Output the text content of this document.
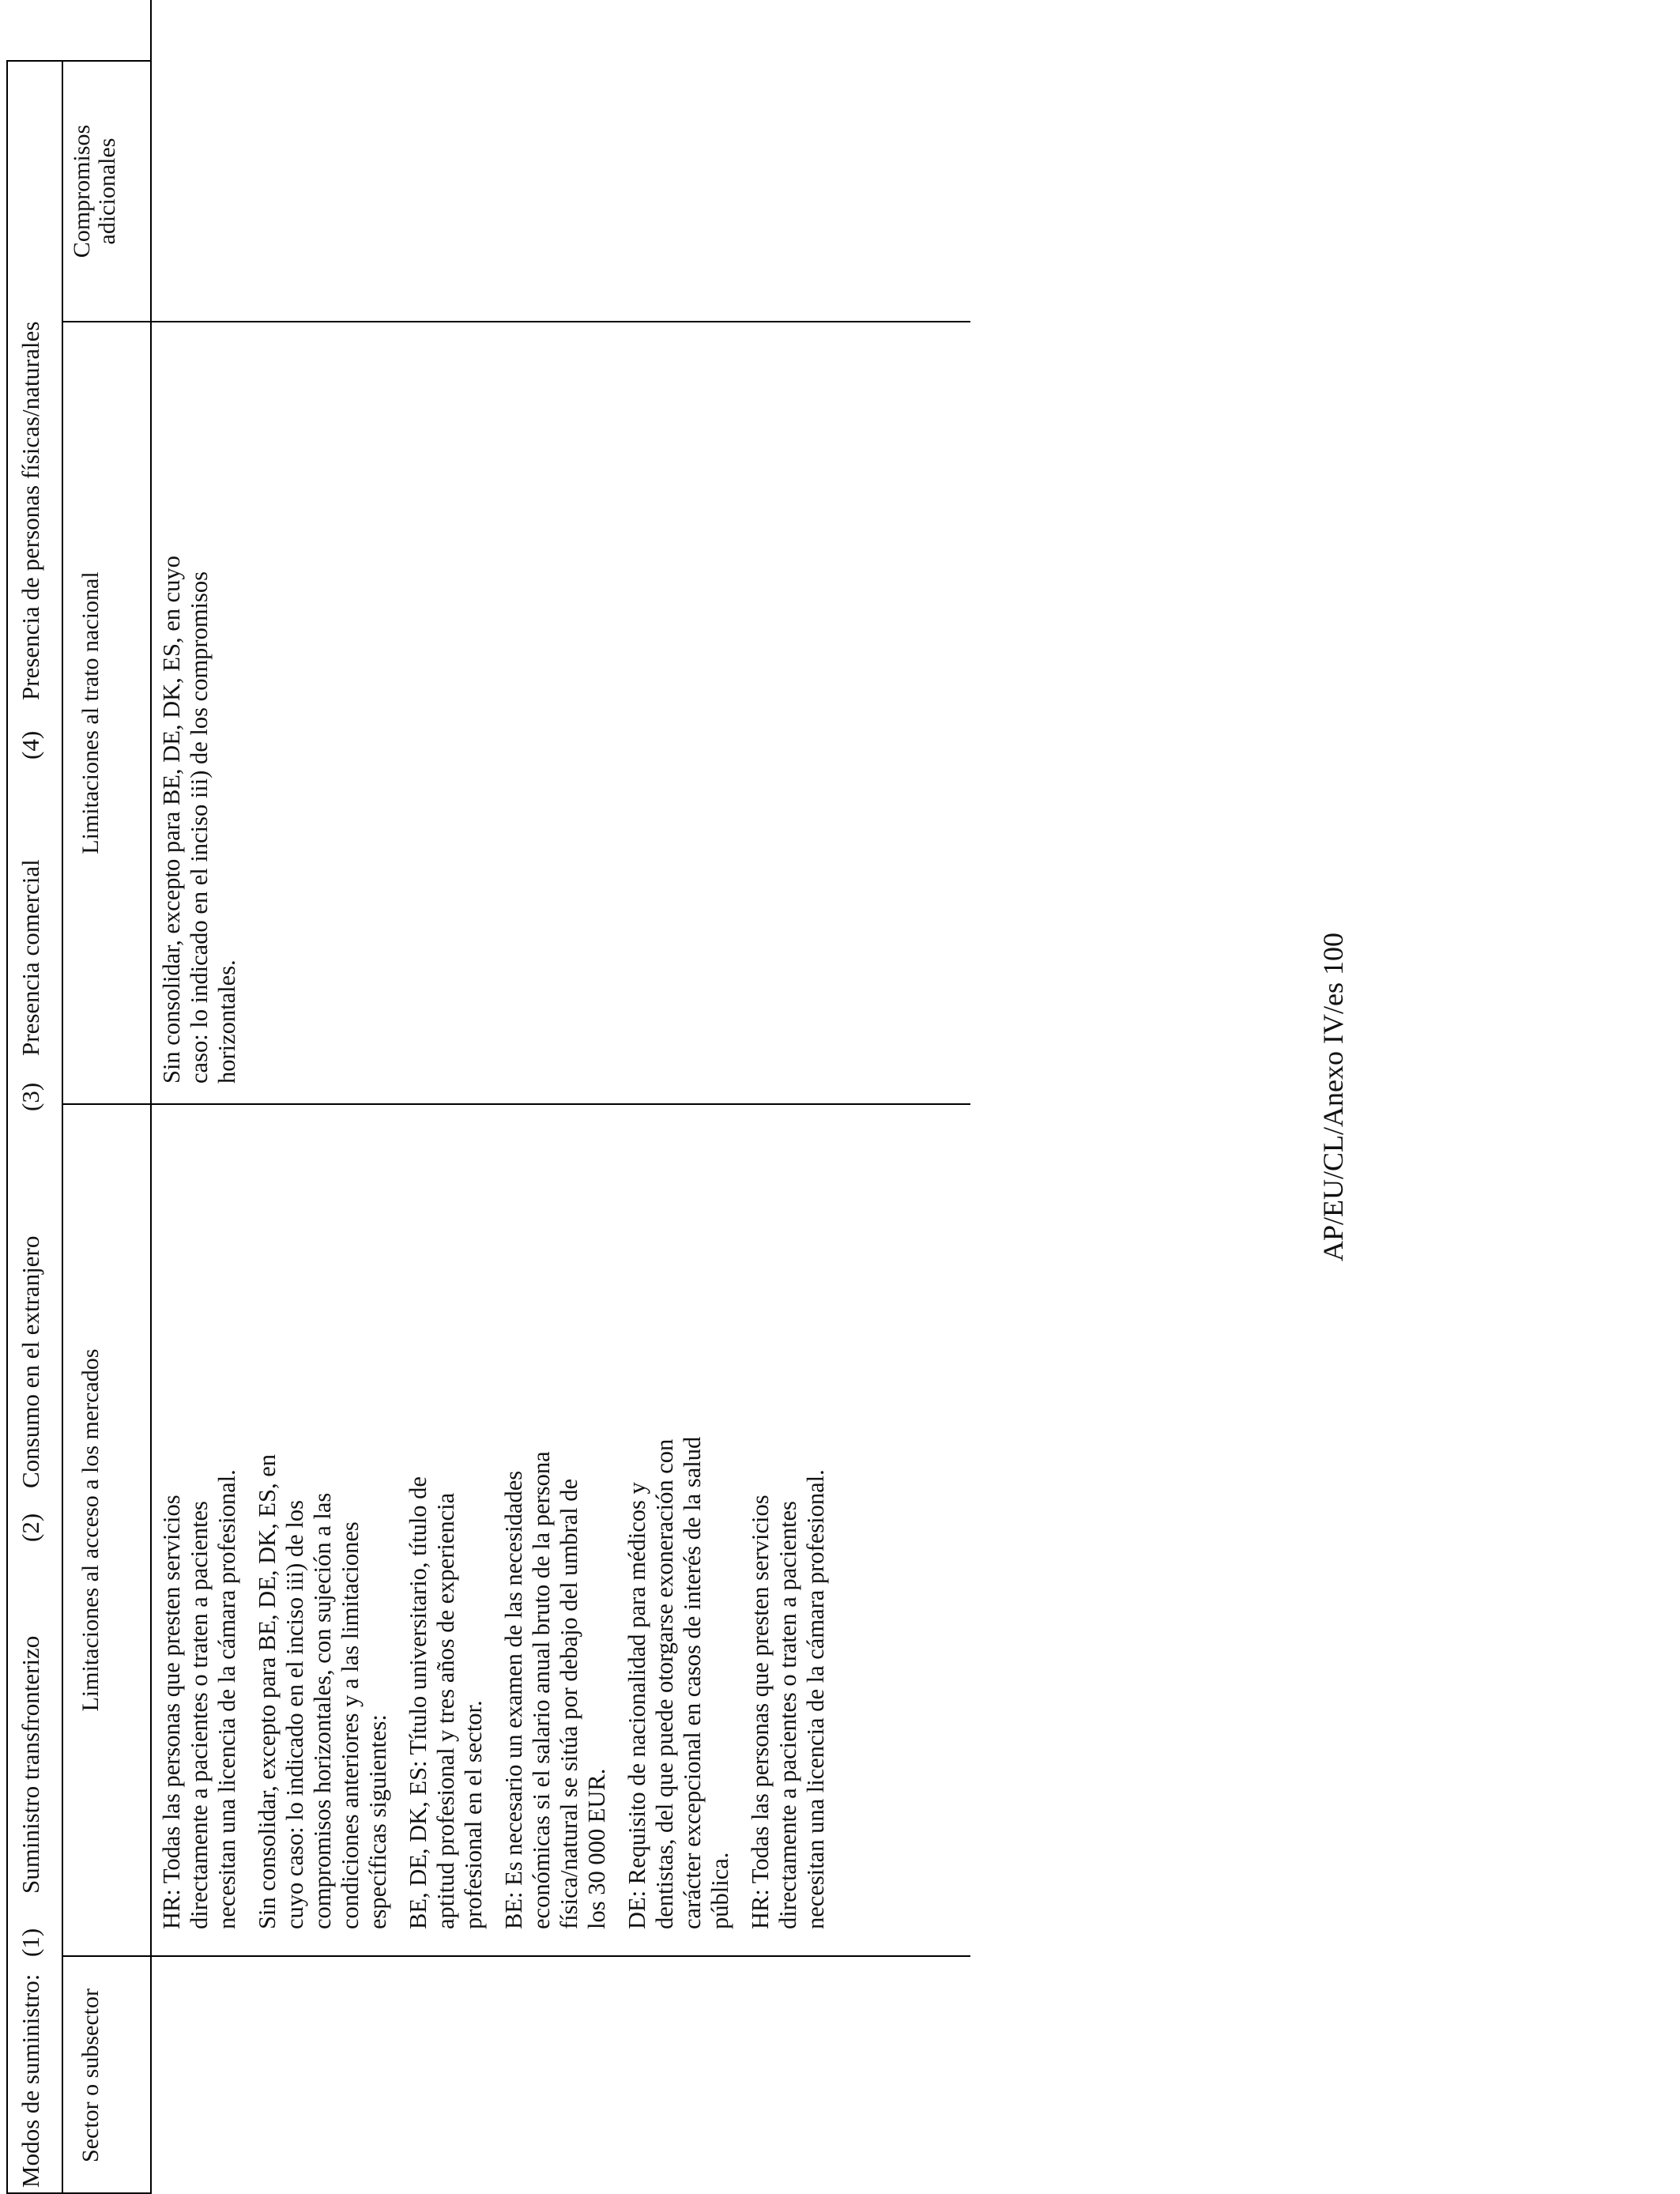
Modos de suministro:
(1)
Suministro transfronterizo
(2)
Consumo en el extranjero
(3)
Presencia comercial
(4)
Presencia de personas físicas/naturales
Sector o subsector
Limitaciones al acceso a los mercados
Limitaciones al trato nacional
Compromisos adicionales

HR: Todas las personas que presten servicios
directamente a pacientes o traten a pacientes
necesitan una licencia de la cámara profesional.

Sin consolidar, excepto para BE, DE, DK, ES, en
cuyo caso: lo indicado en el inciso iii) de los
compromisos horizontales, con sujeción a las
condiciones anteriores y a las limitaciones
específicas siguientes:

BE, DE, DK, ES: Título universitario, título de
aptitud profesional y tres años de experiencia
profesional en el sector.

BE: Es necesario un examen de las necesidades
económicas si el salario anual bruto de la persona
física/natural se sitúa por debajo del umbral de
los 30 000 EUR.

DE: Requisito de nacionalidad para médicos y
dentistas, del que puede otorgarse exoneración con
carácter excepcional en casos de interés de la salud
pública. HR: Todas las personas que presten servicios
directamente a pacientes o traten a pacientes
necesitan una licencia de la cámara profesional.

Sin consolidar, excepto para BE, DE, DK, ES, en cuyo
caso: lo indicado en el inciso iii) de los compromisos
horizontales.	AP/EU/CL/Anexo IV/es 100
